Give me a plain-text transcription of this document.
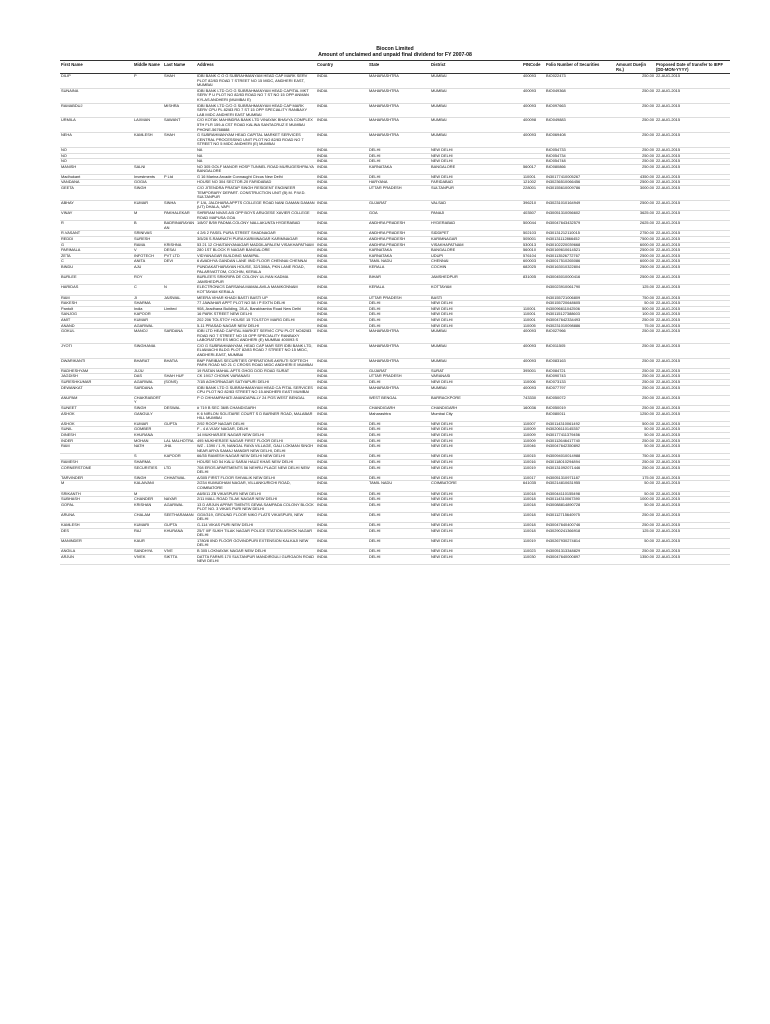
Biocon Limited
Amount of unclaimed and unpaid final dividend for FY 2007-08
First Name	Middle Name	Last Name	Address	Country	State	District	PINCode	Folio Number of Securities	Amount Due(in Rs.)	Proposed Date of transfer to IEPF (DD-MON-YYYY)
DILIP	P	SHAH	IDBI BANK C O G SUBRAHMANYAM HEAD CAP MARK SERV PLOT 82/83 ROAD 7 STREET NO 15 MIDC, ANDHERI EAST, MUMBAI	INDIA	MAHARASHTRA	MUMBAI	400093	BIO022473	250.00	22-AUG-2015
SUNAINA			IDBI BANK LTD C/O G SUBRAHMANYAM HEAD CAPITAL MKT SERV P U PLOT NO 82/83 ROAD NO 7 ST NO 15 OPP ANMAN KYLAS ANDHERI (MUMBAI E)	INDIA	MAHARASHTRA	MUMBAI	400093	BIO049368	250.00	22-AUG-2015
RAMABDUJ		MISHRA	IDBI BANK LTD C/O G SUBRAHMANYAM HEAD CAP MARK SERV CPU PL 82/83 RD 7 ST 15 OPP SPECIALITY RANBAXY LAB MIDC ANDHERI EAST MUMBAI	INDIA	MAHARASHTRA	MUMBAI	400093	BIO097663	250.00	22-AUG-2015
URMILA	LAXMAN	SAWANT	C/O KOTAK MAHINDRA BANK LTD VINAYAK BHAVYA COMPLEX 5TH FLR 159-A CST ROAD KALINA SANTACRUZ E MUMBAI PHONE-56768888	INDIA	MAHARASHTRA	MUMBAI	400098	BIO049883	250.00	22-AUG-2015
NEHA	KAMLESH	SHAH	G SUBRAHMANYAM HEAD CAPITAL MARKET SERVICES CENTRAL PROCESSING UNIT PLOT NO 82/83 ROAD NO 7 STREET NO 5 MIDC ANDHERI (E) MUMBAI	INDIA	MAHARASHTRA	MUMBAI	400093	BIO069408	250.00	22-AUG-2015
NO			NA	INDIA	DELHI	NEW DELHI		BIO054733	250.00	22-AUG-2015
NO			NA	INDIA	DELHI	NEW DELHI		BIO054734	250.00	22-AUG-2015
NO			NA	INDIA	DELHI	NEW DELHI		BIO054748	250.00	22-AUG-2015
MANISH	SALNI		NO 305 GOLF MANOR HOSP TUNNEL ROAD MURUGESHPALYA BANGALORE	INDIA	KARNATAKA	BANGALORE	560017	BIO080866	250.00	22-AUG-2015
Madhukant	Investments	P Ltd	G 16 Marina Arcade Connaught Circus New Delhi	INDIA	DELHI	NEW DELHI	110001	IN30177410005267	4350.00	22-AUG-2015
VANDANA	GOGIA		HOUSE NO 304 SECTOR-20 FARIDABAD	INDIA	HARYANA	FARIDABAD	121002	IN30236510066456	2500.00	22-AUG-2015
GEETA	SINGH		C/O JITENDRA PRATAP SINGH RESIDENT ENGINEER TEMPORARY DEPART. CONSTRUCTION UNIT (B) M. P.W.D. SULTANPUR	INDIA	UTTAR PRADESH	SULTANPUR	228001	IN30155610009786	3000.00	22-AUG-2015
ABHAY	KUMAR	SINHA	F 1/A, JALDHARA APPTS COLLEGE ROAD NANI DAMAN DAMAN (UT) DHALA, VAPI	INDIA	GUJARAT	VALSAD	396210	IN30231010164949	2500.00	22-AUG-2015
VINAY	M	PAKHALEKAR	SHRIRAM NIVAS A/5 OPP BOYS ARUGESE XAVIER COLLEGE ROAD MAPUSA GOA	INDIA	GOA	PANAJI	403507	IN30051310056602	3625.00	22-AUG-2015
R	B	BADRINARAYANAN	1/8/07 B/59 PADMA COLONY NALLAKUNTA HYDERABAD	INDIA	ANDHRA PRADESH	HYDERABAD	500044	IN30047643432579	2625.00	22-AUG-2015
R.VASANT	SRINIVAS		4 2/6 2 FASEL PURA STREET SHADNAGAR	INDIA	ANDHRA PRADESH	SIDDIPET	502103	IN30131212110015	2750.00	22-AUG-2015
REDDI	SURESH		3/5/28 S.RAMNATH PURA KARIMNAGAR KARIMNAGAR	INDIA	ANDHRA PRADESH	KARIMNAGAR	505001	IN30131112866452	7500.00	22-AUG-2015
G	RAMA	KRISHNA	53 21 12 CHAITANYANAGAR MADDILAPALEM VISAKHAPATNAM	INDIA	ANDHRA PRADESH	VISAKHAPATNAM	530013	IN30102220039668	6000.00	22-AUG-2015
PARIMALA	V	DESAI	280 1ST BLOCK R NAGAR BANGALORE	INDIA	KARNATAKA	BANGALORE	560010	IN30169610614521	2500.00	22-AUG-2015
ZETA	INFOTECH	PVT LTD	VIDYANAGAR BUILDING MANIPAL	INDIA	KARNATAKA	UDUPI	576104	IN30113526772767	2500.00	22-AUG-2015
C	ANITA	DEVI	6 AVADHYA GANDAN LANE IIND FLOOR CHENNAI CHENNAI	INDIA	TAMIL NADU	CHENNAI	600003	IN30017510265086	6000.00	22-AUG-2015
BINDU	AJU		PUNDAKATHARAYAN HOUSE, 32/1306A, PKN LANE ROAD, PALARIVATTOM, COCHIN, KERALA	INDIA	KERALA	COCHIN	682025	IN30163010322804	2500.00	22-AUG-2015
BURLEE	ROY		BURLEE'S SRIKRIPA DE COLONY ULIYAN KADMA JAMSHEDPUR	INDIA	BIHAR	JAMSHEDPUR	831005	IN30045010000416	2500.00	22-AUG-2015
HARIDAS	C	N	ELECTRONICS DARSANA MAMALAVILA MANIKONNAM KOTTAYAM KERALA	INDIA	KERALA	KOTTAYAM		IN30023910061790	125.00	22-AUG-2015
RAM	JI	JAISWAL	MEERA VIHAR KHADI BASTI BASTI UP	INDIA	UTTAR PRADESH	BASTI		IN30155721006809	750.00	22-AUG-2015
RAKESH	SHARMA		77 JAWAHAR APPT PLOT NO 58 I P EXTN DELHI	INDIA	DELHI	NEW DELHI		IN30155720648605	50.00	22-AUG-2015
Pantolt	India	Limited	908, Aradhana Building, 28-A, Barakhamba Road New Delhi	INDIA	DELHI	NEW DELHI	110001	IN30096611042506	500.00	22-AUG-2015
SANJOG	KAPOOR		16 PARK STREET NEW DELHI	INDIA	DELHI	NEW DELHI	110001	IN30115127388603	100.00	22-AUG-2015
AMIT	KUMAR		202 206 TOLSTOY HOUSE 15 TOLSTOY MARG DELHI	INDIA	DELHI	NEW DELHI	110001	IN30047642334493	250.00	22-AUG-2015
ANAND	AGARWAL		5-11 PRASAD NAGAR NEW DELHI	INDIA	DELHI	NEW DELHI	110005	IN30231010098886	75.00	22-AUG-2015
GOKUL	MANOJ	SARDANA	IDBI LTD HEAD CAPITAL MARKET SERVIC CPU PLOT NO82/83 ROAD NO 7 STREET NO 15 OPP SPECIALITY RANBAXY LABORATORI ES MIDC ANDHERI (E) MUMBAI 400093 S	INDIA	MAHARASHTRA	MUMBAI	400093	BIO027966	250.00	22-AUG-2015
JYOTI	SINGHANIA		C/O G SUBRAHMANYAM, HEAD CAP MAR SER IDBI BANK LTD, ELIAMACHI BLDG PLOT 82/83 ROAD 7 STREET NO 15 MIDC, ANDHERI-EAST, MUMBAI	INDIA	MAHARASHTRA	MUMBAI	400093	BIO011505	250.00	22-AUG-2015
DWARIKANTI	BHARAT	BHATIA	BNP PARIBAS SECURITIES OPERATIONS AKRUTI SOFTECH PARK ROAD NO 21 C CROSS ROAD MIDC ANDHERI E MUMBAI	INDIA	MAHARASHTRA	MUMBAI	400093	BIO083163	250.00	22-AUG-2015
RADHESHYAM	JUJU		19 RATAN MAHAL APTS GHOD DOD ROAD SURAT	INDIA	GUJARAT	SURAT	395001	BIO084721	250.00	22-AUG-2015
JAGDISH	DAS	SHAH HUF	CK 19/17 CHOWK VARANASI	INDIA	UTTAR PRADESH	VARANASI		BIO090743	250.00	22-AUG-2015
SURESHKUMAR	AGARWAL	(SONS)	7/1B AGHORNAGAR SATYAPURI DELHI	INDIA	DELHI	NEW DELHI	110006	BIO073133	250.00	22-AUG-2015
DEWANKAT	SARDANA		IDBI BANK LTD G SUBRAHMANYAM HEAD CA PITAL SERVICES CPU PLOT NO 82/83 STREET NO 15 ANDHERI EAST MUMBAI	INDIA	MAHARASHTRA	MUMBAI	400093	BIO077797	250.00	22-AUG-2015
ANUPAM	CHAKRABORTY		P O CHHAMPAHATI ANANDAPALLY 24 PGS WEST BENGAL	INDIA	WEST BENGAL	BARRACKPORE	743330	BIO050072	250.00	22-AUG-2015
SUNEET	SINGH	DESWAL	# 719 B SEC 36/B CHANDIGARH	INDIA	CHANDIGARH	CHANDIGARH	160036	BIO050019	250.00	22-AUG-2015
ASHOK	GANGULY		K 6 NIRLON SOLITAIRE COURT S D BARNER ROAD, MALABAR HILL MUMBAI	INDIA	Maharashtra	Mumbai City		BIO080011	1250.00	22-AUG-2015
ASHOK	KUMAR	GUPTA	2/92 ROOP NAGAR DELHI	INDIA	DELHI	NEW DELHI	110007	IN30114310061492	500.00	22-AUG-2015
SUNIL	GOMBER		F - 4 A VIJAY NAGAR, DELHI	INDIA	DELHI	NEW DELHI	110009	IN30206110145357	50.00	22-AUG-2015
DINESH	KHURANA		14 MUKHARJEE NAGAR NEW DELHI	INDIA	DELHI	NEW DELHI	110009	IN30177411379456	50.00	22-AUG-2015
INDER	MOHAN	LAL MALHOTRA	495 MUKHERJEE NAGAR FIRST FLOOR DELHI	INDIA	DELHI	NEW DELHI	110009	IN30112646417740	250.00	22-AUG-2015
RAM	NATH	JHA	WZ - 1390 / 1 /9, NANGAL RAYA VILLAGE, GALI LOKMAN SINGH NEAR ARYA SAMAJ MANDIR NEW DELHI, DELHI	INDIA	DELHI	NEW DELHI	110046	IN30047642350892	50.00	22-AUG-2015
	S	KAPOOR	66/35 RAMESH NAGAR NEW DELHI NEW DELHI	INDIA	DELHI	NEW DELHI	110015	IN30094010014988	750.00	22-AUG-2015
RAMESH	SHARMA		HOUSE NO 54 KALU SARAI HAUZ KHAS NEW DELHI	INDIA	DELHI	NEW DELHI	110016	IN30118010294894	250.00	22-AUG-2015
CORNERSTONE	SECURITIES	LTD	708 EROS APARTMENTS 56 NEHRU PLACE NEW DELHI NEW DELHI	INDIA	DELHI	NEW DELHI	110019	IN30131092071446	250.00	22-AUG-2015
TARVINDER	SINGH	CHHATWAL	A/305 FIRST FLOOR SHIVALIK NEW DELHI	INDIA	DELHI	NEW DELHI	110017	IN30051310971187	175.00	22-AUG-2015
M	KALAIVANI		2/234 KUMUDHAM NAGAR, VILLANKURICHI ROAD, COIMBATORE	INDIA	TAMIL NADU	COIMBATORE	641035	IN30214810631955	50.00	22-AUG-2015
SRIKANTH	M		A6/5/11 ZB VIKASPURI NEW DELHI	INDIA	DELHI	NEW DELHI	110018	IN30044110155498	50.00	22-AUG-2015
SUBHASH	CHANDER	NAYAR	2/11 MALL ROAD TILAK NAGAR NEW DELHI	INDIA	DELHI	NEW DELHI	110018	IN30114310067390	1000.00	22-AUG-2015
GOPAL	KRISHAN	AGARWAL	13 D ARJUN APPAR TMENTS GEWA SAMPADA COLONY BLOCK PLOT NO. 3 VIKAS PURI NEW DELHI	INDIA	DELHI	NEW DELHI	110018	IN30088814890728	50.00	22-AUG-2015
ARUNA	CHALAM	SEETHARAMAN	GG/I/319, GROUND FLOOR NIKO FLATS VIKASPURI, NEW DELHI	INDIA	DELHI	NEW DELHI	110018	IN30112715640975	250.00	22-AUG-2015
KAMLESH	KUMARI	GUPTA	G-114 VIKAS PURI NEW DELHI	INDIA	DELHI	NEW DELHI	110018	IN30047640400746	250.00	22-AUG-2015
DES	RAJ	KHURANA	25/7 II/F SUKH TILAK NAGAR POLICE STATION ASHOK NAGAR DELHI	INDIA	DELHI	NEW DELHI	110018	IN30290241366918	125.00	22-AUG-2015
MANINDER	KAUR		1780/8 IIND FLOOR GOVINDPURI EXTENSION KALKAJI NEW DELHI	INDIA	DELHI	NEW DELHI	110019	IN30267930274814	50.00	22-AUG-2015
ANGILA	SANDHYA	VIVE	B 305 LOKNAYAK NAGAR NEW DELHI	INDIA	DELHI	NEW DELHI	110023	IN30051313348829	250.00	22-AUG-2015
ARJUN	VIVEK	SIKTTA	DATTA FARMS 170 SULTANPUR MANDIRGULI GURGAON ROAD NEW DELHI	INDIA	DELHI	NEW DELHI	110030	IN30047640000897	1350.00	22-AUG-2015
